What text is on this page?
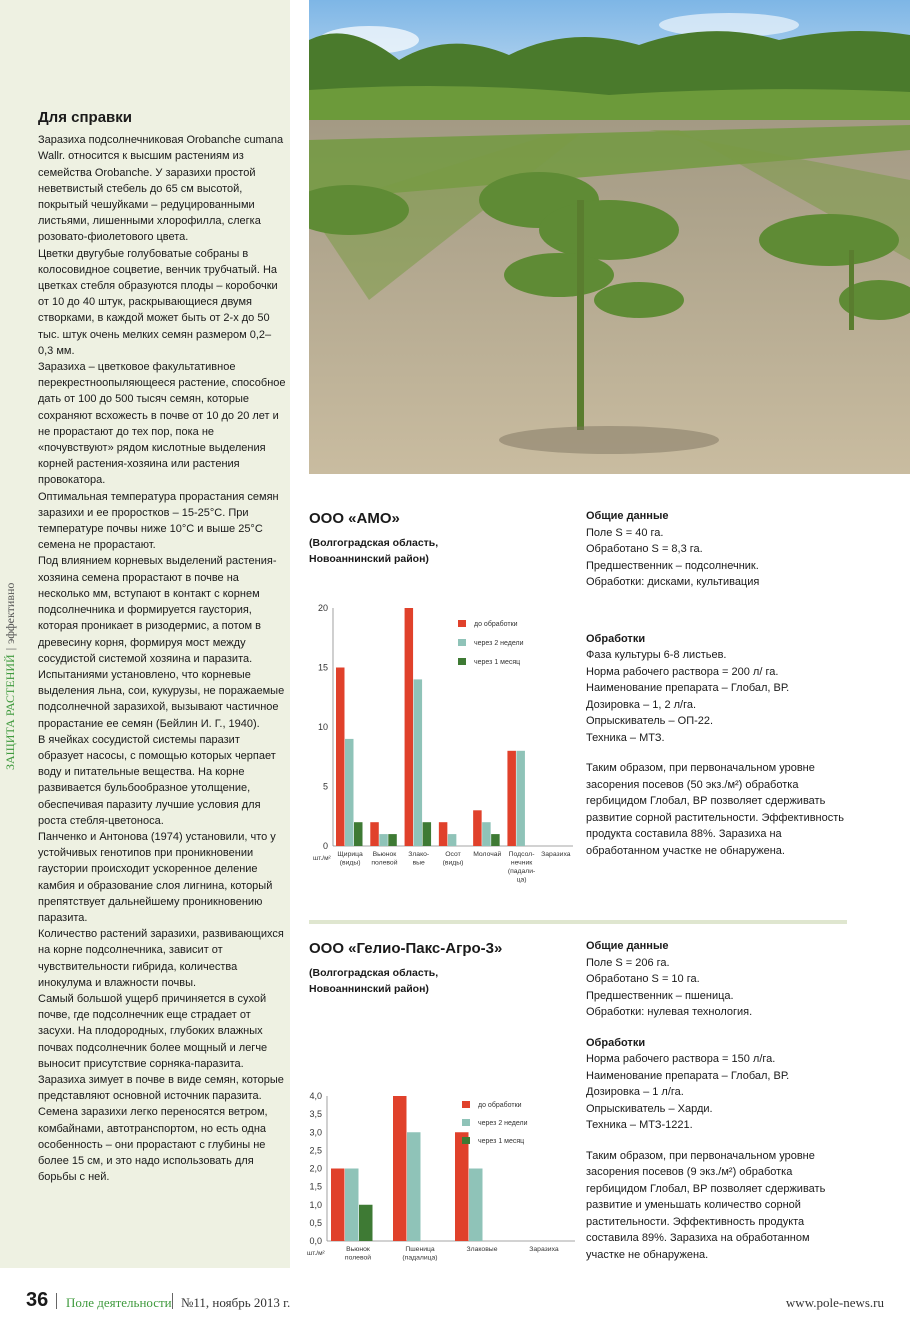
ЗАЩИТА РАСТЕНИЙ|эффективно
Для справки

Заразиха подсолнечниковая Orobanche cumana Wallr. относится к высшим растениям из семейства Orobanche. У заразихи простой неветвистый стебель до 65 см высотой, покрытый чешуйками – редуцированными листьями, лишенными хлорофилла, слегка розовато-фиолетового цвета.

Цветки двугубые голубоватые собраны в колосовидное соцветие, венчик трубчатый. На цветках стебля образуются плоды – коробочки от 10 до 40 штук, раскрывающиеся двумя створками, в каждой может быть от 2-х до 50 тыс. штук очень мелких семян размером 0,2– 0,3 мм.

Заразиха – цветковое факультативное перекрестноопыляющееся растение, способное дать от 100 до 500 тысяч семян, которые сохраняют всхожесть в почве от 10 до 20 лет и не прорастают до тех пор, пока не «почувствуют» рядом кислотные выделения корней растения-хозяина или растения провокатора.

Оптимальная температура прорастания семян заразихи и ее проростков – 15-25°С. При температуре почвы ниже 10°С и выше 25°С семена не прорастают.

Под влиянием корневых выделений растения-хозяина семена прорастают в почве на несколько мм, вступают в контакт с корнем подсолнечника и формируется гаустория, которая проникает в ризодермис, а потом в древесину корня, формируя мост между сосудистой системой хозяина и паразита. Испытаниями установлено, что корневые выделения льна, сои, кукурузы, не поражаемые подсолнечной заразихой, вызывают частичное прорастание ее семян (Бейлин И. Г., 1940).

В ячейках сосудистой системы паразит образует насосы, с помощью которых черпает воду и питательные вещества. На корне развивается бульбообразное утолщение, обеспечивая паразиту лучшие условия для роста стебля-цветоноса.

Панченко и Антонова (1974) установили, что у устойчивых генотипов при проникновении гаустории происходит ускоренное деление камбия и образование слоя лигнина, который препятствует дальнейшему проникновению паразита.

Количество растений заразихи, развивающихся на корне подсолнечника, зависит от чувствительности гибрида, количества инокулума и влажности почвы.

Самый большой ущерб причиняется в сухой почве, где подсолнечник еще страдает от засухи. На плодородных, глубоких влажных почвах подсолнечник более мощный и легче выносит присутствие сорняка-паразита.

Заразиха зимует в почве в виде семян, которые представляют основной источник паразита.

Семена заразихи легко переносятся ветром, комбайнами, автотранспортом, но есть одна особенность – они прорастают с глубины не более 15 см, и это надо использовать для борьбы с ней.

ООО «АМО»
(Волгоградская область,
Новоаннинский район)
Общие данные

Поле S = 40 га.

Обработано S = 8,3 га.

Предшественник – подсолнечник.

Обработки: дисками, культивация

Обработки

Фаза культуры 6-8 листьев.

Норма рабочего раствора = 200 л/ га.

Наименование препарата – Глобал, ВР.

Дозировка – 1, 2 л/га.

Опрыскиватель – ОП-22.

Техника – МТЗ.

Таким образом, при первоначальном уровне засорения посевов (50 экз./м²) обработка гербицидом Глобал, ВР позволяет сдерживать развитие сорной растительности. Эффективность продукта составила 88%. Заразиха на обработанном участке не обнаружена.

0
5
10
15
20
шт./м²
Щирица
(виды)
Вьюнок
полевой
Злако-
вые
Осот
(виды)
Молочай Подсол-
нечник
(падали-
ца)
Заразиха
до обработки
через 2 недели
через 1 месяц
ООО «Гелио-Пакс-Агро-3»
(Волгоградская область,
Новоаннинский район)
Общие данные

Поле S = 206 га.

Обработано S = 10 га.

Предшественник – пшеница.

Обработки: нулевая технология.

Обработки

Норма рабочего раствора = 150 л/га.

Наименование препарата – Глобал, ВР.

Дозировка – 1 л/га.

Опрыскиватель – Харди.

Техника – МТЗ-1221.

Таким образом, при первоначальном уровне засорения посевов (9 экз./м²) обработка гербицидом Глобал, ВР позволяет сдерживать развитие и уменьшать количество сорной растительности. Эффективность продукта составила 89%. Заразиха на обработанном участке не обнаружена.

0,0
0,5
1,0
1,5
2,0
2,5
3,0
3,5
4,0
шт./м²
Вьюнок
полевой
Пшеница
(падалица)
Злаковые	Заразиха
до обработки
через 2 недели
через 1 месяц
36 Поле деятельности №11, ноябрь 2013 г.	www.pole-news.ru
